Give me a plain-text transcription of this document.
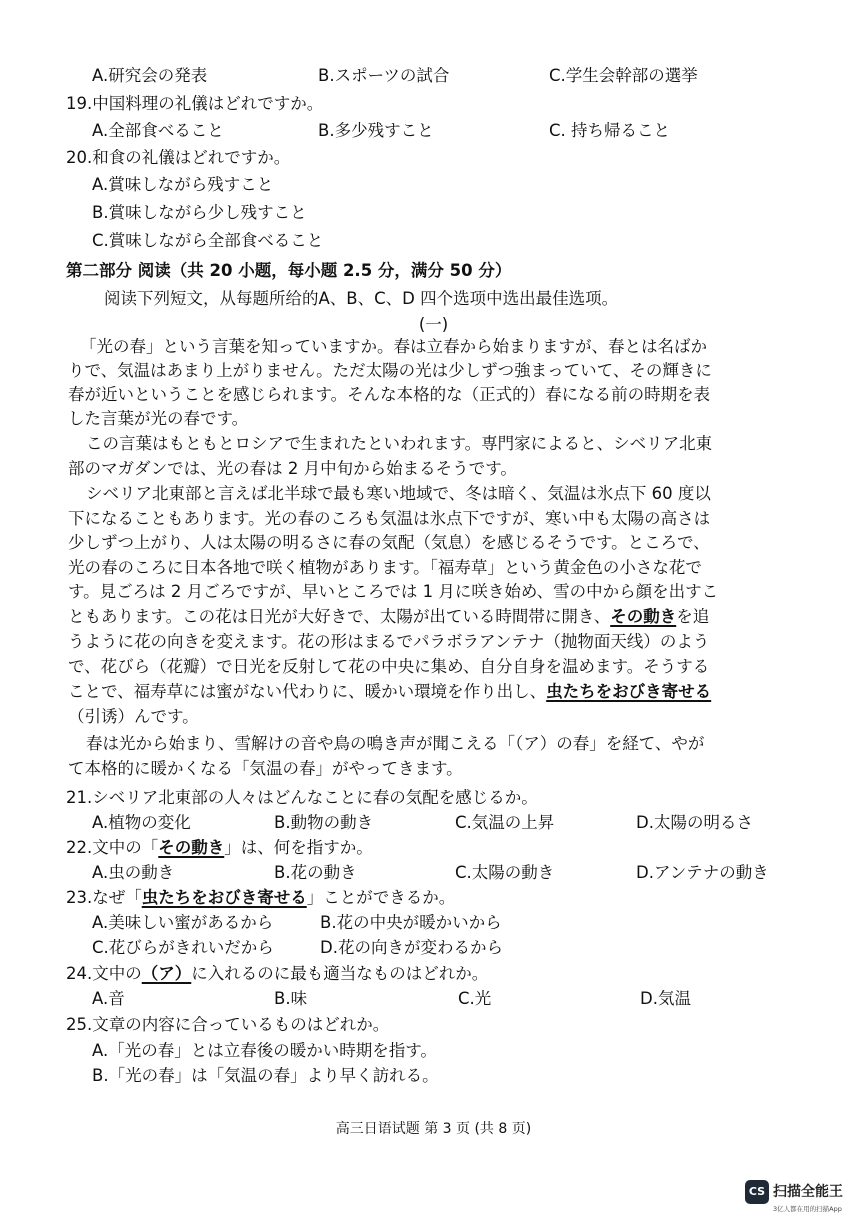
A.研究会の発表	B.スポーツの試合	C.学生会幹部の選挙
19.中国料理の礼儀はどれですか。
A.全部食べること	B.多少残すこと	C. 持ち帰ること
20.和食の礼儀はどれですか。
A.賞味しながら残すこと
B.賞味しながら少し残すこと
C.賞味しながら全部食べること
第二部分 阅读（共 20 小题，每小题 2.5 分，满分 50 分）
阅读下列短文，从每题所给的A、B、C、D 四个选项中选出最佳选项。
(一)
「光の春」という言葉を知っていますか。春は立春から始まりますが、春とは名ばか
りで、気温はあまり上がりません。ただ太陽の光は少しずつ強まっていて、その輝きに
春が近いということを感じられます。そんな本格的な（正式的）春になる前の時期を表
した言葉が光の春です。
この言葉はもともとロシアで生まれたといわれます。専門家によると、シベリア北東
部のマガダンでは、光の春は 2 月中旬から始まるそうです。
シベリア北東部と言えば北半球で最も寒い地域で、冬は暗く、気温は氷点下 60 度以
下になることもあります。光の春のころも気温は氷点下ですが、寒い中も太陽の高さは
少しずつ上がり、人は太陽の明るさに春の気配（気息）を感じるそうです。ところで、
光の春のころに日本各地で咲く植物があります。「福寿草」という黄金色の小さな花で
す。見ごろは 2 月ごろですが、早いところでは 1 月に咲き始め、雪の中から顔を出すこ
ともあります。この花は日光が大好きで、太陽が出ている時間帯に開き、その動きを追
うように花の向きを変えます。花の形はまるでパラボラアンテナ（抛物面天线）のよう
で、花びら（花瓣）で日光を反射して花の中央に集め、自分自身を温めます。そうする
ことで、福寿草には蜜がない代わりに、暖かい環境を作り出し、虫たちをおびき寄せる
（引诱）んです。
春は光から始まり、雪解けの音や鳥の鳴き声が聞こえる「（ア）の春」を経て、やが
て本格的に暖かくなる「気温の春」がやってきます。
21.シベリア北東部の人々はどんなことに春の気配を感じるか。
A.植物の変化	B.動物の動き	C.気温の上昇	D.太陽の明るさ
22.文中の「その動き」は、何を指すか。
A.虫の動き	B.花の動き	C.太陽の動き	D.アンテナの動き
23.なぜ「虫たちをおびき寄せる」ことができるか。
A.美味しい蜜があるから	B.花の中央が暖かいから
C.花びらがきれいだから	D.花の向きが変わるから
24.文中の（ア）に入れるのに最も適当なものはどれか。
A.音	B.味	C.光	D.気温
25.文章の内容に合っているものはどれか。
A.「光の春」とは立春後の暖かい時期を指す。
B.「光の春」は「気温の春」より早く訪れる。
高三日语试题 第 3 页 (共 8 页)
CS 扫描全能王
3亿人都在用的扫描App
